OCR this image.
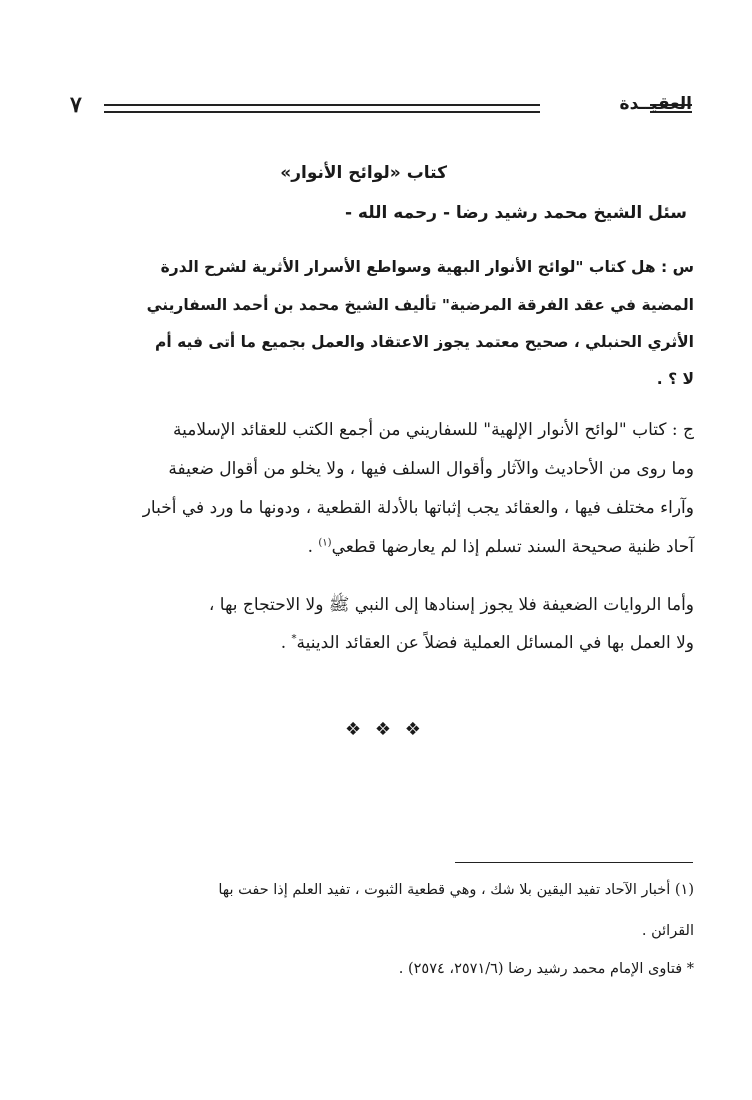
العقيــدة
٧
كتاب «لوائح الأنوار»
سئل الشيخ محمد رشيد رضا - رحمه الله -
س : هل كتاب "لوائح الأنوار البهية وسواطع الأسرار الأثرية لشرح الدرة
المضية في عقد الفرقة المرضية" تأليف الشيخ محمد بن أحمد السفاريني
الأثري الحنبلي ، صحيح معتمد يجوز الاعتقاد والعمل بجميع ما أتى فيه أم
لا ؟ .
ج : كتاب "لوائح الأنوار الإلهية" للسفاريني من أجمع الكتب للعقائد الإسلامية
وما روى من الأحاديث والآثار وأقوال السلف فيها ، ولا يخلو من أقوال ضعيفة
وآراء مختلف فيها ، والعقائد يجب إثباتها بالأدلة القطعية ، ودونها ما ورد في أخبار
آحاد ظنية صحيحة السند تسلم إذا لم يعارضها قطعي$^{(١)}$ .
وأما الروايات الضعيفة فلا يجوز إسنادها إلى النبي ﷺ ولا الاحتجاج بها ،
ولا العمل بها في المسائل العملية فضلاً عن العقائد الدينية* .
❖ ❖ ❖
(١) أخبار الآحاد تفيد اليقين بلا شك ، وهي قطعية الثبوت ، تفيد العلم إذا حفت بها
القرائن .
* فتاوى الإمام محمد رشيد رضا (٢٥٧١/٦، ٢٥٧٤) .
